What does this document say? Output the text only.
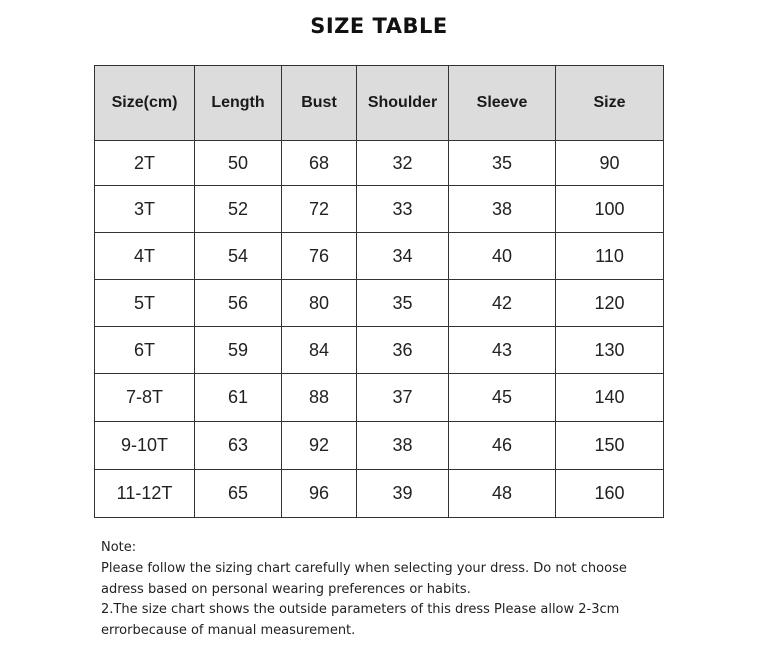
SIZE TABLE
Size(cm)	Length	Bust	Shoulder	Sleeve	Size
2T	50	68	32	35	90
3T	52	72	33	38	100
4T	54	76	34	40	110
5T	56	80	35	42	120
6T	59	84	36	43	130
7-8T	61	88	37	45	140
9-10T	63	92	38	46	150
11-12T	65	96	39	48	160

Note:

Please follow the sizing chart carefully when selecting your dress. Do not choose adress based on personal wearing preferences or habits.

2.The size chart shows the outside parameters of this dress Please allow 2-3cm errorbecause of manual measurement.
